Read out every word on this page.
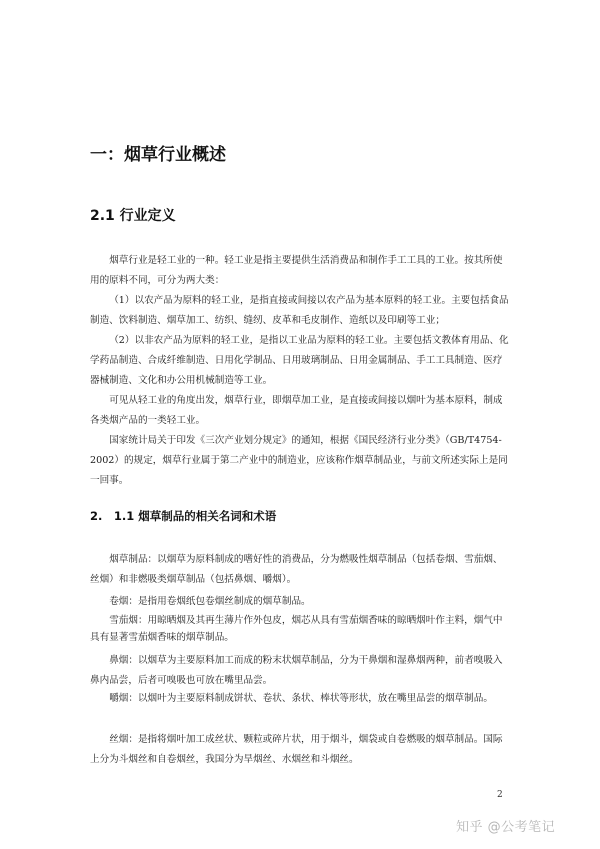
一：烟草行业概述
2.1 行业定义

烟草行业是轻工业的一种。轻工业是指主要提供生活消费品和制作手工工具的工业。按其所使用的原料不同，可分为两大类：

（1）以农产品为原料的轻工业，是指直接或间接以农产品为基本原料的轻工业。主要包括食品制造、饮料制造、烟草加工、纺织、缝纫、皮革和毛皮制作、造纸以及印刷等工业；

（2）以非农产品为原料的轻工业，是指以工业品为原料的轻工业。主要包括文教体育用品、化学药品制造、合成纤维制造、日用化学制品、日用玻璃制品、日用金属制品、手工工具制造、医疗器械制造、文化和办公用机械制造等工业。

可见从轻工业的角度出发，烟草行业，即烟草加工业，是直接或间接以烟叶为基本原料，制成各类烟产品的一类轻工业。

国家统计局关于印发《三次产业划分规定》的通知，根据《国民经济行业分类》（GB/T4754-2002）的规定，烟草行业属于第二产业中的制造业，应该称作烟草制品业，与前文所述实际上是同一回事。

2.　1.1 烟草制品的相关名词和术语

烟草制品：以烟草为原料制成的嗜好性的消费品，分为燃吸性烟草制品（包括卷烟、雪茄烟、丝烟）和非燃吸类烟草制品（包括鼻烟、嚼烟）。

卷烟：是指用卷烟纸包卷烟丝制成的烟草制品。

雪茄烟：用晾晒烟及其再生薄片作外包皮，烟芯从具有雪茄烟香味的晾晒烟叶作主料，烟气中具有显著雪茄烟香味的烟草制品。

鼻烟：以烟草为主要原料加工而成的粉末状烟草制品，分为干鼻烟和湿鼻烟两种，前者嗅吸入鼻内品尝，后者可嗅吸也可放在嘴里品尝。

嚼烟：以烟叶为主要原料制成饼状、卷状、条状、棒状等形状，放在嘴里品尝的烟草制品。

丝烟：是指将烟叶加工成丝状、颗粒或碎片状，用于烟斗，烟袋或自卷燃吸的烟草制品。国际上分为斗烟丝和自卷烟丝，我国分为旱烟丝、水烟丝和斗烟丝。

2
知乎 @公考笔记
